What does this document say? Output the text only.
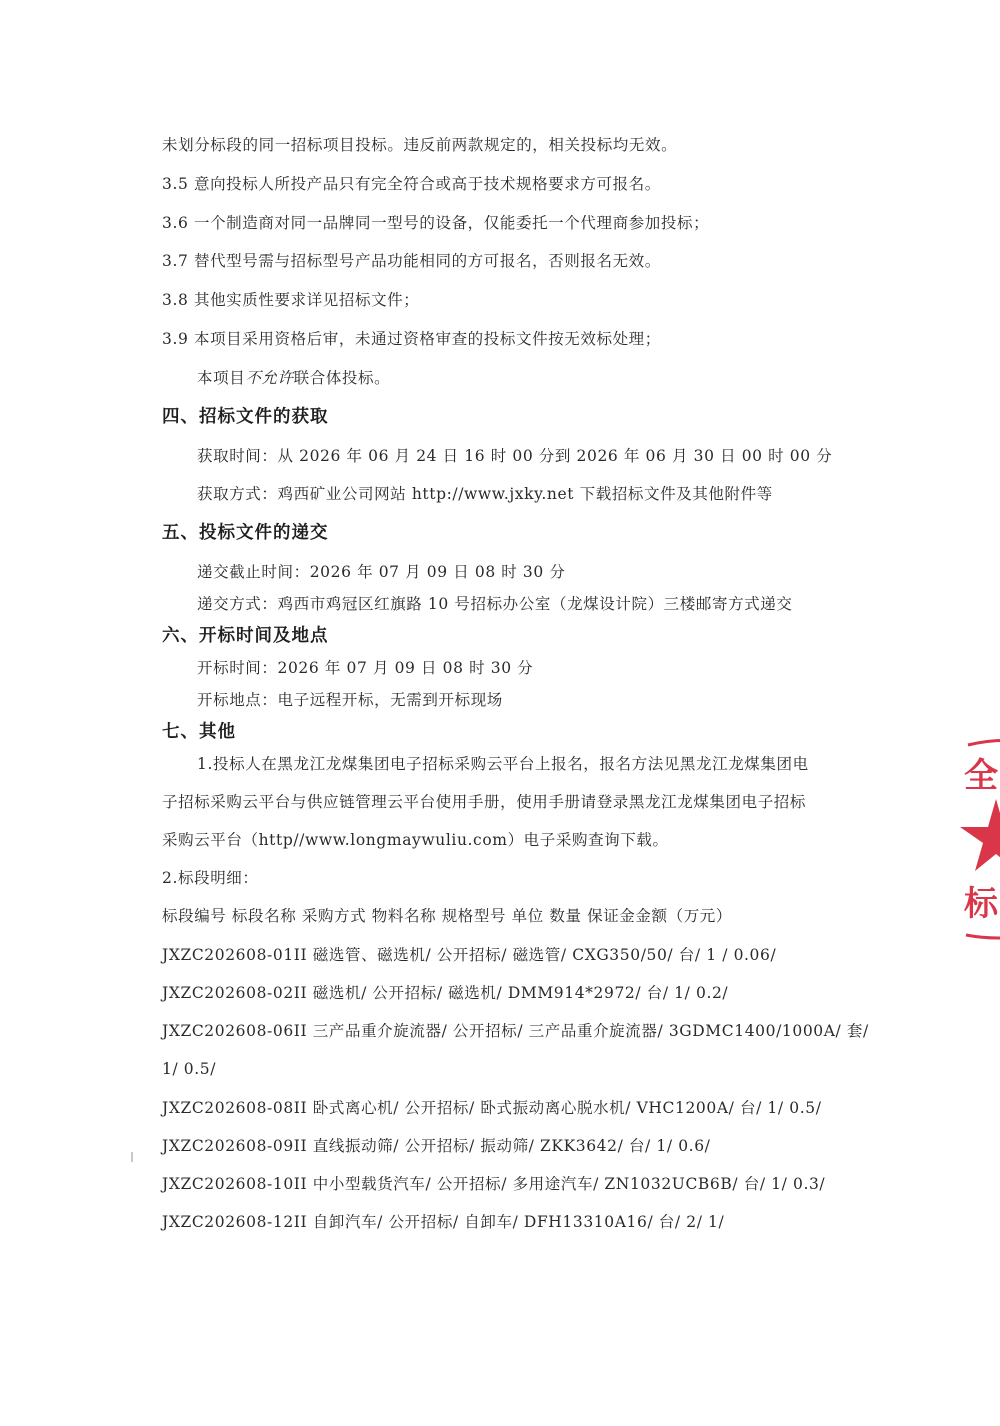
未划分标段的同一招标项目投标。违反前两款规定的，相关投标均无效。
3.5 意向投标人所投产品只有完全符合或高于技术规格要求方可报名。
3.6 一个制造商对同一品牌同一型号的设备，仅能委托一个代理商参加投标；
3.7 替代型号需与招标型号产品功能相同的方可报名，否则报名无效。
3.8 其他实质性要求详见招标文件；
3.9 本项目采用资格后审，未通过资格审查的投标文件按无效标处理；
本项目不允许联合体投标。
四、招标文件的获取
获取时间：从 2026 年 06 月 24 日 16 时 00 分到 2026 年 06 月 30 日 00 时 00 分
获取方式：鸡西矿业公司网站 http://www.jxky.net 下载招标文件及其他附件等
五、投标文件的递交
递交截止时间：2026 年 07 月 09 日 08 时 30 分
递交方式：鸡西市鸡冠区红旗路 10 号招标办公室（龙煤设计院）三楼邮寄方式递交
六、开标时间及地点
开标时间：2026 年 07 月 09 日 08 时 30 分
开标地点：电子远程开标，无需到开标现场
七、其他
1.投标人在黑龙江龙煤集团电子招标采购云平台上报名，报名方法见黑龙江龙煤集团电
子招标采购云平台与供应链管理云平台使用手册，使用手册请登录黑龙江龙煤集团电子招标
采购云平台（http//www.longmaywuliu.com）电子采购查询下载。
2.标段明细：
标段编号 标段名称 采购方式 物料名称 规格型号 单位 数量 保证金金额（万元）
JXZC202608-01II 磁选管、磁选机/ 公开招标/ 磁选管/ CXG350/50/ 台/ 1 / 0.06/
JXZC202608-02II 磁选机/ 公开招标/ 磁选机/ DMM914*2972/ 台/ 1/ 0.2/
JXZC202608-06II 三产品重介旋流器/ 公开招标/ 三产品重介旋流器/ 3GDMC1400/1000A/ 套/
1/ 0.5/
JXZC202608-08II 卧式离心机/ 公开招标/ 卧式振动离心脱水机/ VHC1200A/ 台/ 1/ 0.5/
JXZC202608-09II 直线振动筛/ 公开招标/ 振动筛/ ZKK3642/ 台/ 1/ 0.6/
JXZC202608-10II 中小型载货汽车/ 公开招标/ 多用途汽车/ ZN1032UCB6B/ 台/ 1/ 0.3/
JXZC202608-12II 自卸汽车/ 公开招标/ 自卸车/ DFH13310A16/ 台/ 2/ 1/
全
标
